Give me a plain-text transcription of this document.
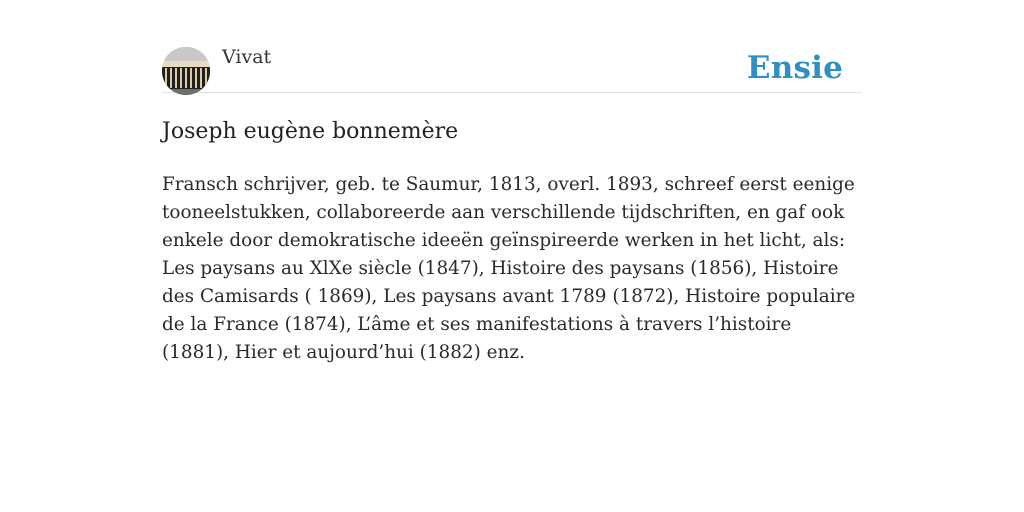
Vivat	Ensie
Joseph eugène bonnemère

Fransch schrijver, geb. te Saumur, 1813, overl. 1893, schreef eerst eenige tooneelstukken, collaboreerde aan verschillende tijdschriften, en gaf ook enkele door demokratische ideeën geïnspireerde werken in het licht, als: Les paysans au XlXe siècle (1847), Histoire des paysans (1856), Histoire des Camisards ( 1869), Les paysans avant 1789 (1872), Histoire populaire de la France (1874), L’âme et ses manifestations à travers l’histoire (1881), Hier et aujourd’hui (1882) enz.
